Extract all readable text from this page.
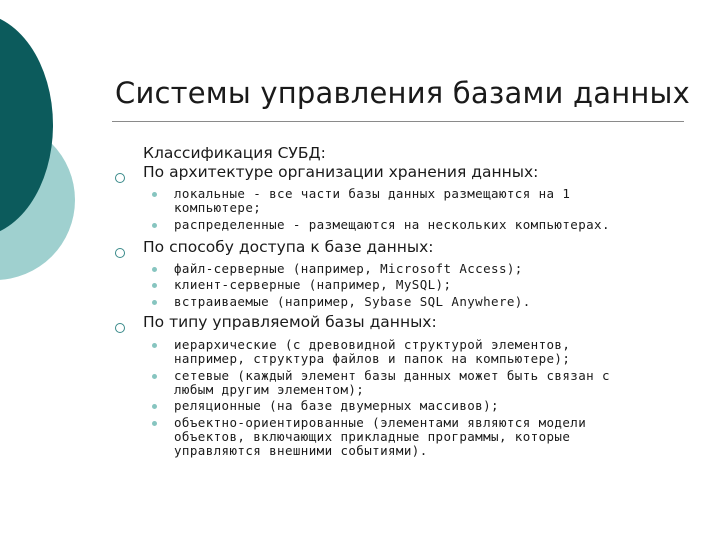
Системы управления базами данных
Классификация СУБД:
По архитектуре организации хранения данных:
локальные - все части базы данных размещаются на 1
компьютере;
распределенные - размещаются на нескольких компьютерах.
По способу доступа к базе данных:
файл-серверные (например, Microsoft Access);
клиент-серверные (например, MySQL);
встраиваемые (например, Sybase SQL Anywhere).
По типу управляемой базы данных:
иерархические (с древовидной структурой элементов,
например, структура файлов и папок на компьютере);
сетевые (каждый элемент базы данных может быть связан с
любым другим элементом);
реляционные (на базе двумерных массивов);
объектно-ориентированные (элементами являются модели
объектов, включающих прикладные программы, которые
управляются внешними событиями).
